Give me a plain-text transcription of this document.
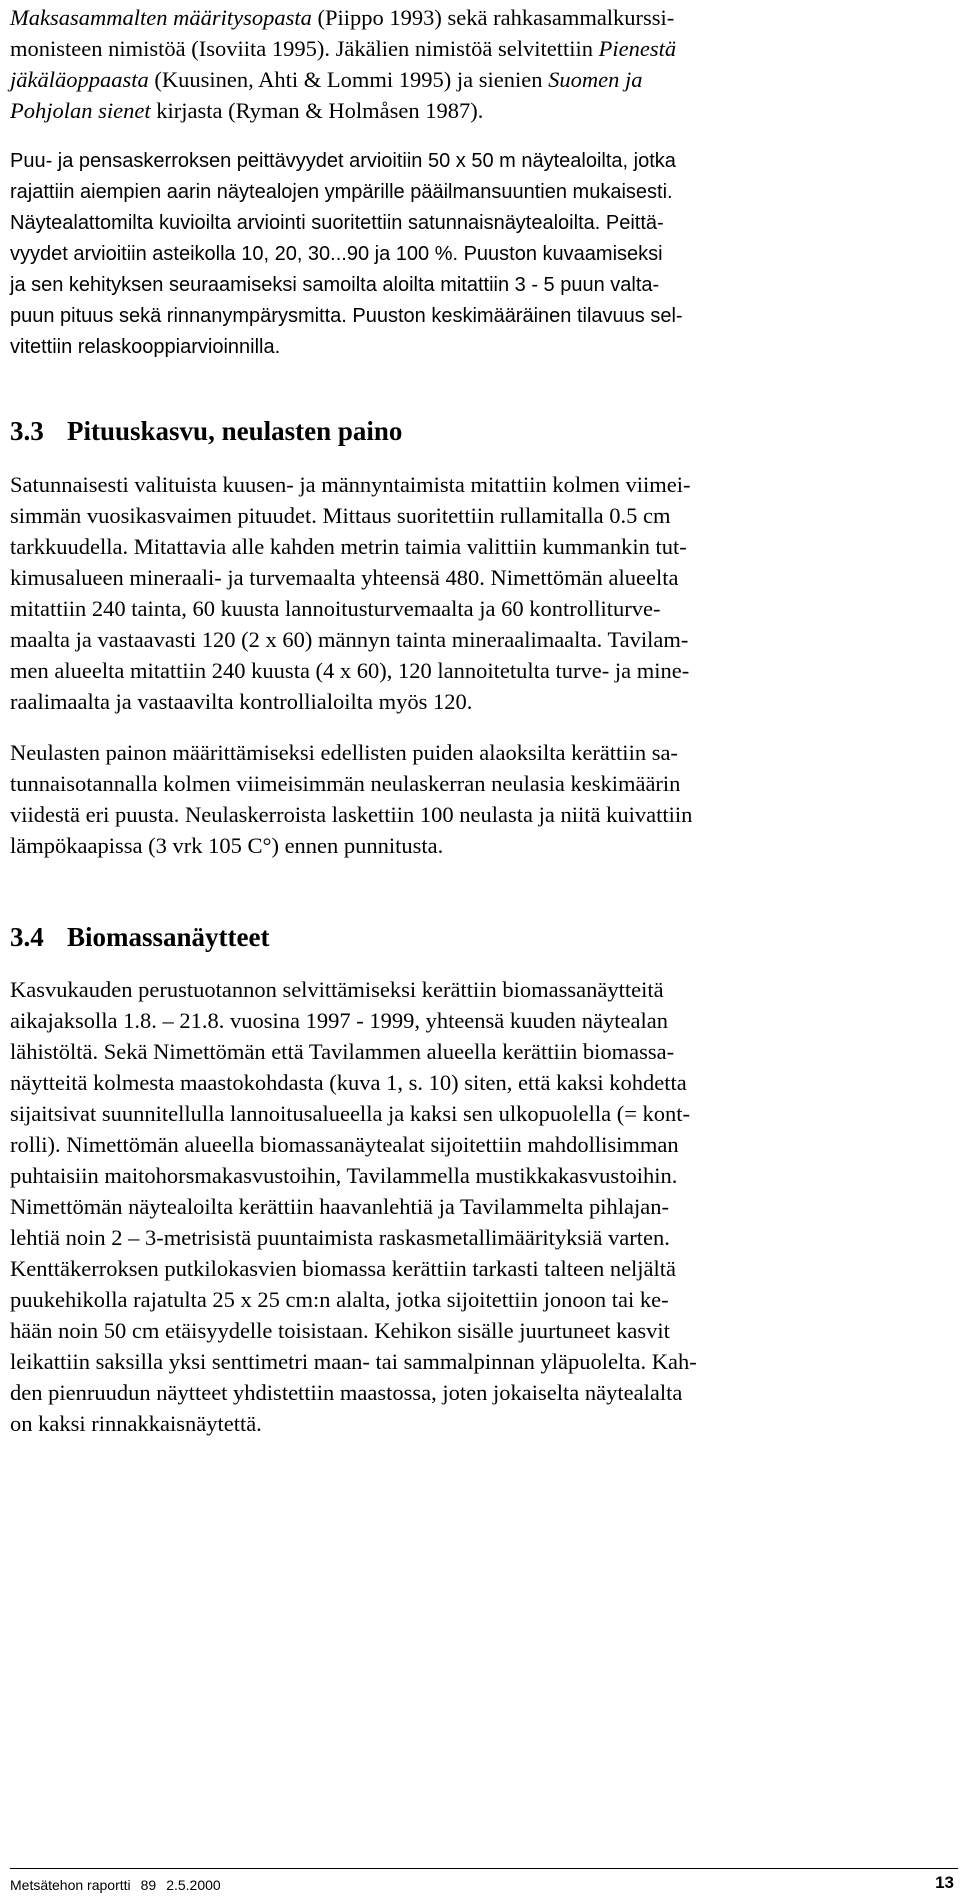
Maksasammalten määritysopasta (Piippo 1993) sekä rahkasammalkurssi-
monisteen nimistöä (Isoviita 1995). Jäkälien nimistöä selvitettiin Pienestä
jäkäläoppaasta (Kuusinen, Ahti & Lommi 1995) ja sienien Suomen ja
Pohjolan sienet kirjasta (Ryman & Holmåsen 1987).

Puu- ja pensaskerroksen peittävyydet arvioitiin 50 x 50 m näytealoilta, jotka
rajattiin aiempien aarin näytealojen ympärille pääilmansuuntien mukaisesti.
Näytealattomilta kuvioilta arviointi suoritettiin satunnaisnäytealoilta. Peittä-
vyydet arvioitiin asteikolla 10, 20, 30...90 ja 100 %. Puuston kuvaamiseksi
ja sen kehityksen seuraamiseksi samoilta aloilta mitattiin 3 - 5 puun valta-
puun pituus sekä rinnanympärysmitta. Puuston keskimääräinen tilavuus sel-
vitettiin relaskooppiarvioinnilla.

3.3 Pituuskasvu, neulasten paino

Satunnaisesti valituista kuusen- ja männyntaimista mitattiin kolmen viimei-
simmän vuosikasvaimen pituudet. Mittaus suoritettiin rullamitalla 0.5 cm
tarkkuudella. Mitattavia alle kahden metrin taimia valittiin kummankin tut-
kimusalueen mineraali- ja turvemaalta yhteensä 480. Nimettömän alueelta
mitattiin 240 tainta, 60 kuusta lannoitusturvemaalta ja 60 kontrolliturve-
maalta ja vastaavasti 120 (2 x 60) männyn tainta mineraalimaalta. Tavilam-
men alueelta mitattiin 240 kuusta (4 x 60), 120 lannoitetulta turve- ja mine-
raalimaalta ja vastaavilta kontrollialoilta myös 120.

Neulasten painon määrittämiseksi edellisten puiden alaoksilta kerättiin sa-
tunnaisotannalla kolmen viimeisimmän neulaskerran neulasia keskimäärin
viidestä eri puusta. Neulaskerroista laskettiin 100 neulasta ja niitä kuivattiin
lämpökaapissa (3 vrk 105 C°) ennen punnitusta.

3.4 Biomassanäytteet

Kasvukauden perustuotannon selvittämiseksi kerättiin biomassanäytteitä
aikajaksolla 1.8. – 21.8. vuosina 1997 - 1999, yhteensä kuuden näytealan
lähistöltä. Sekä Nimettömän että Tavilammen alueella kerättiin biomassa-
näytteitä kolmesta maastokohdasta (kuva 1, s. 10) siten, että kaksi kohdetta
sijaitsivat suunnitellulla lannoitusalueella ja kaksi sen ulkopuolella (= kont-
rolli). Nimettömän alueella biomassanäytealat sijoitettiin mahdollisimman
puhtaisiin maitohorsmakasvustoihin, Tavilammella mustikkakasvustoihin.
Nimettömän näytealoilta kerättiin haavanlehtiä ja Tavilammelta pihlajan-
lehtiä noin 2 – 3-metrisistä puuntaimista raskasmetallimäärityksiä varten.
Kenttäkerroksen putkilokasvien biomassa kerättiin tarkasti talteen neljältä
puukehikolla rajatulta 25 x 25 cm:n alalta, jotka sijoitettiin jonoon tai ke-
hään noin 50 cm etäisyydelle toisistaan. Kehikon sisälle juurtuneet kasvit
leikattiin saksilla yksi senttimetri maan- tai sammalpinnan yläpuolelta. Kah-
den pienruudun näytteet yhdistettiin maastossa, joten jokaiselta näytealalta
on kaksi rinnakkaisnäytettä.

Metsätehon raportti 89 2.5.2000	13
